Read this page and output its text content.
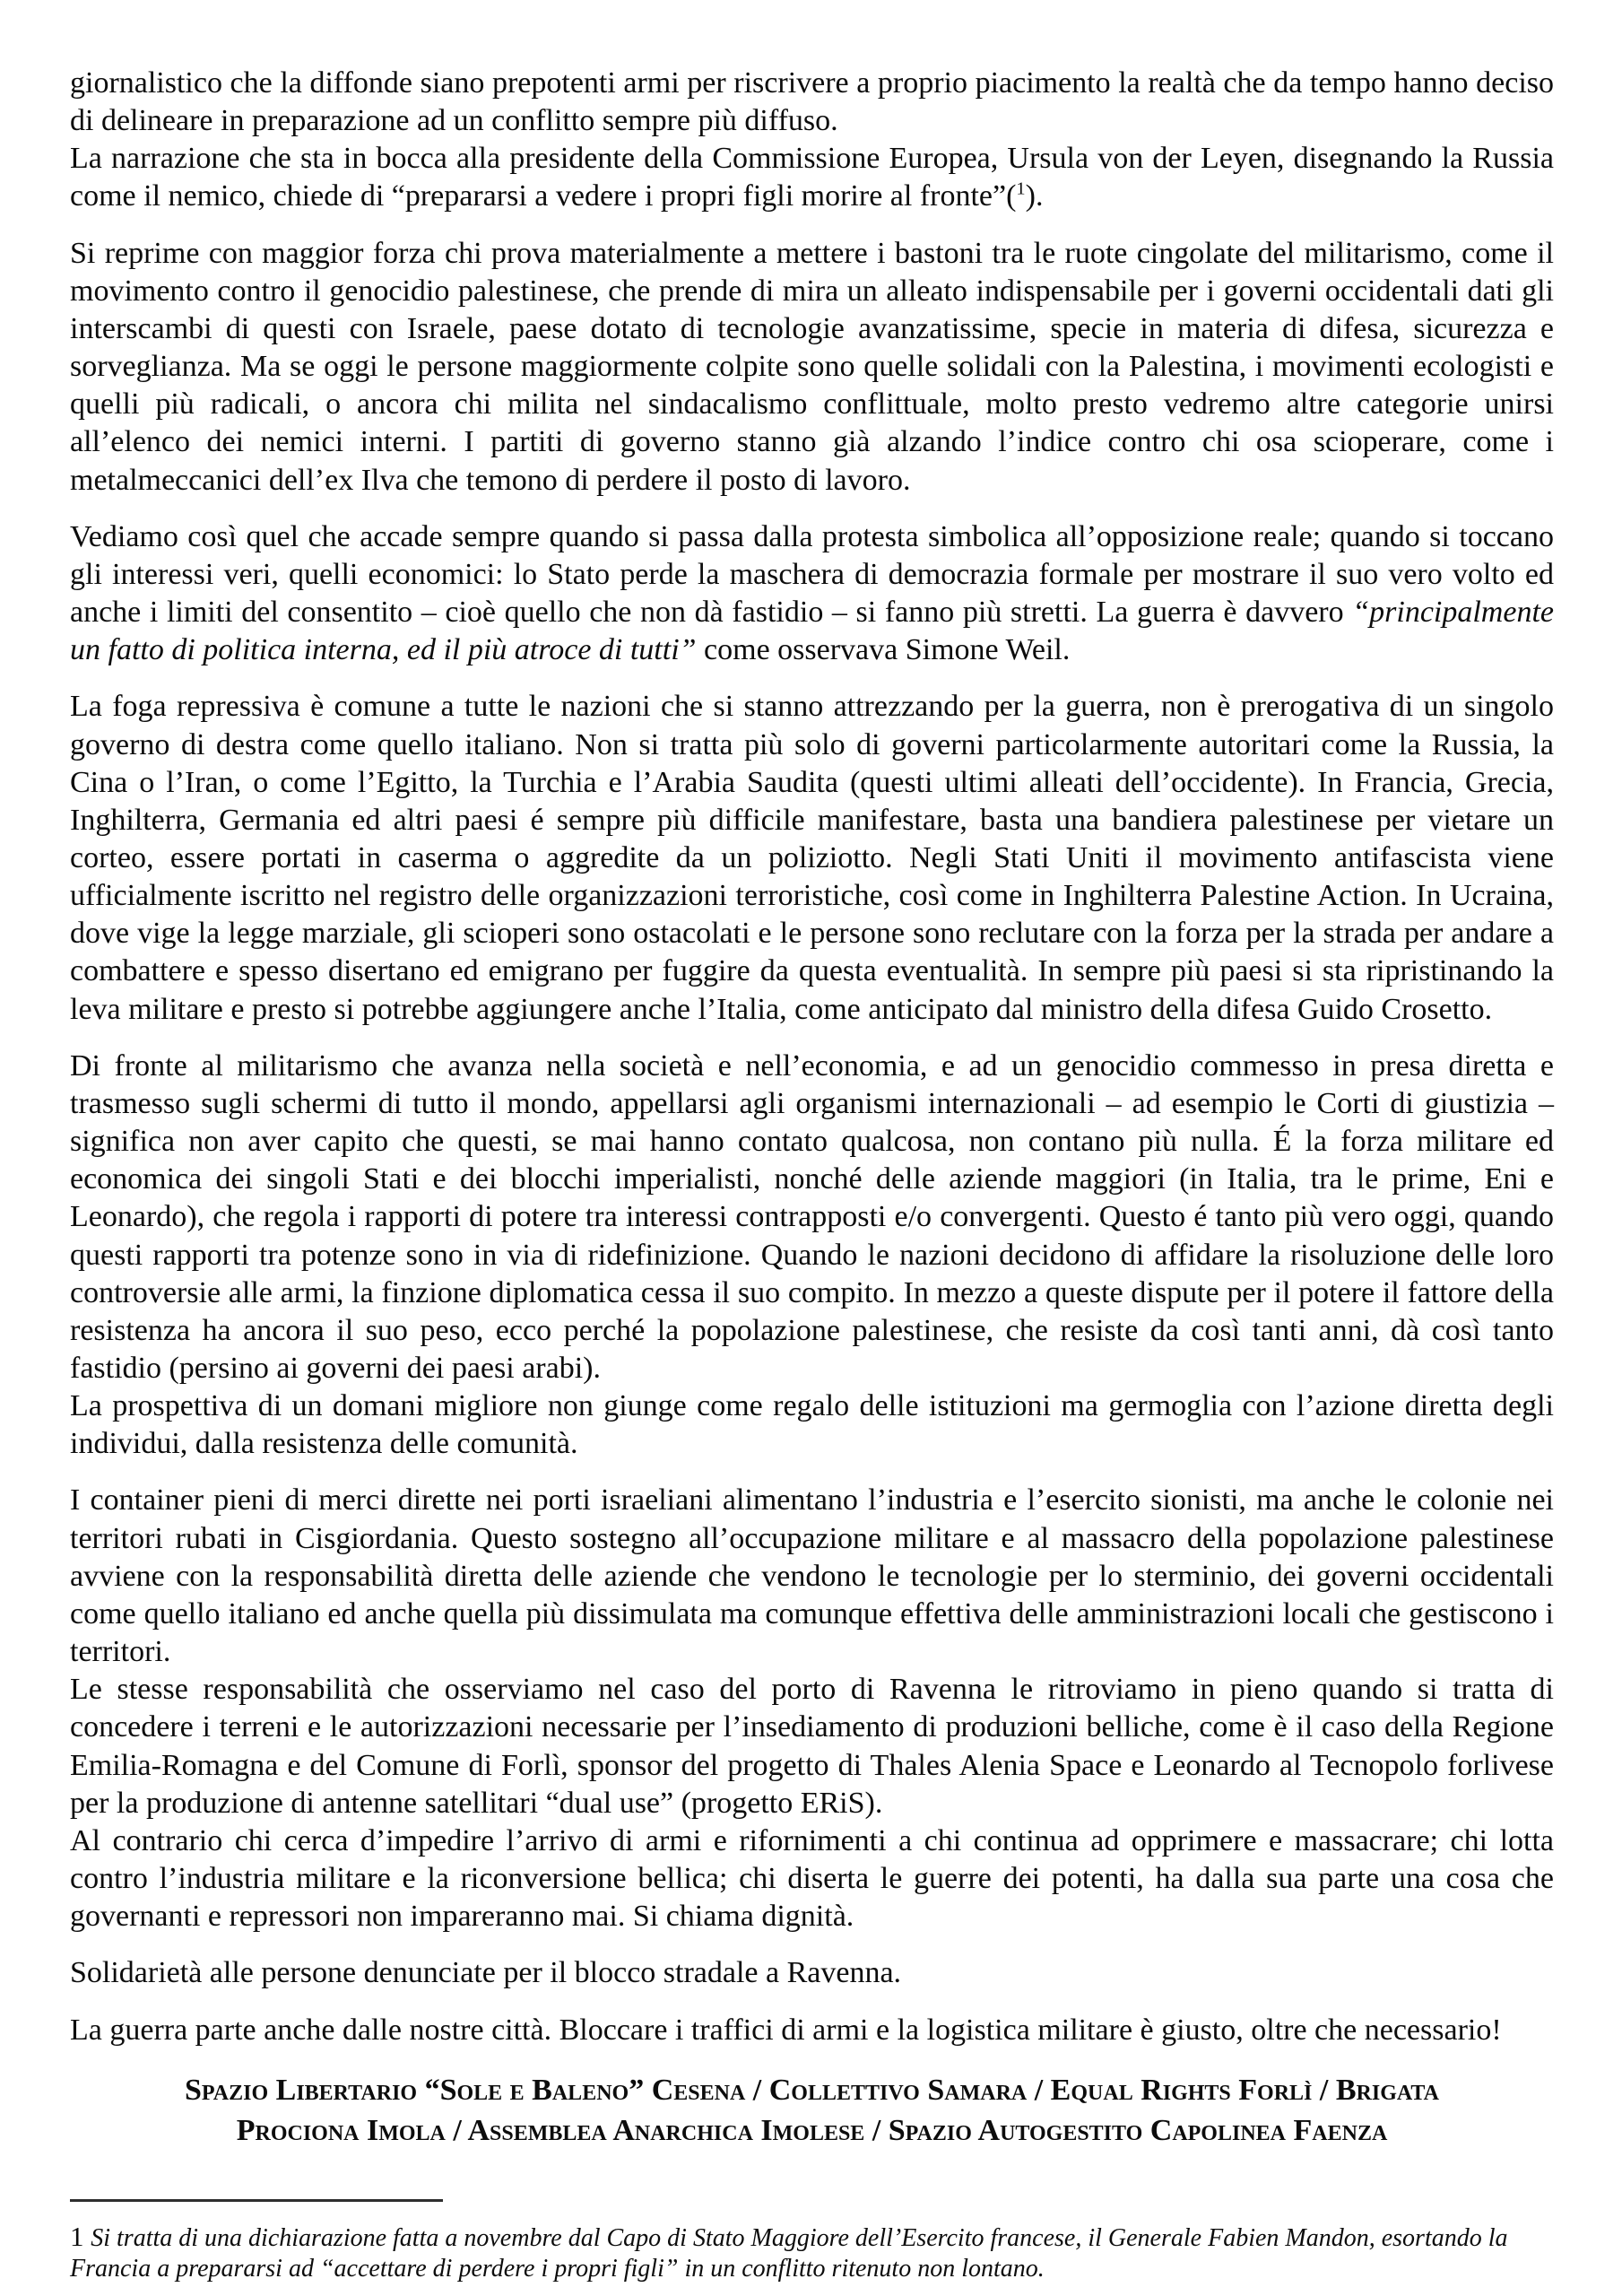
giornalistico che la diffonde siano prepotenti armi per riscrivere a proprio piacimento la realtà che da tempo hanno deciso di delineare in preparazione ad un conflitto sempre più diffuso.
La narrazione che sta in bocca alla presidente della Commissione Europea, Ursula von der Leyen, disegnando la Russia come il nemico, chiede di “prepararsi a vedere i propri figli morire al fronte”($^1$).

Si reprime con maggior forza chi prova materialmente a mettere i bastoni tra le ruote cingolate del militarismo, come il movimento contro il genocidio palestinese, che prende di mira un alleato indispensabile per i governi occidentali dati gli interscambi di questi con Israele, paese dotato di tecnologie avanzatissime, specie in materia di difesa, sicurezza e sorveglianza. Ma se oggi le persone maggiormente colpite sono quelle solidali con la Palestina, i movimenti ecologisti e quelli più radicali, o ancora chi milita nel sindacalismo conflittuale, molto presto vedremo altre categorie unirsi all’elenco dei nemici interni. I partiti di governo stanno già alzando l’indice contro chi osa scioperare, come i metalmeccanici dell’ex Ilva che temono di perdere il posto di lavoro.

Vediamo così quel che accade sempre quando si passa dalla protesta simbolica all’opposizione reale; quando si toccano gli interessi veri, quelli economici: lo Stato perde la maschera di democrazia formale per mostrare il suo vero volto ed anche i limiti del consentito – cioè quello che non dà fastidio – si fanno più stretti. La guerra è davvero “principalmente un fatto di politica interna, ed il più atroce di tutti” come osservava Simone Weil.

La foga repressiva è comune a tutte le nazioni che si stanno attrezzando per la guerra, non è prerogativa di un singolo governo di destra come quello italiano. Non si tratta più solo di governi particolarmente autoritari come la Russia, la Cina o l’Iran, o come l’Egitto, la Turchia e l’Arabia Saudita (questi ultimi alleati dell’occidente). In Francia, Grecia, Inghilterra, Germania ed altri paesi é sempre più difficile manifestare, basta una bandiera palestinese per vietare un corteo, essere portati in caserma o aggredite da un poliziotto. Negli Stati Uniti il movimento antifascista viene ufficialmente iscritto nel registro delle organizzazioni terroristiche, così come in Inghilterra Palestine Action. In Ucraina, dove vige la legge marziale, gli scioperi sono ostacolati e le persone sono reclutare con la forza per la strada per andare a combattere e spesso disertano ed emigrano per fuggire da questa eventualità. In sempre più paesi si sta ripristinando la leva militare e presto si potrebbe aggiungere anche l’Italia, come anticipato dal ministro della difesa Guido Crosetto.

Di fronte al militarismo che avanza nella società e nell’economia, e ad un genocidio commesso in presa diretta e trasmesso sugli schermi di tutto il mondo, appellarsi agli organismi internazionali – ad esempio le Corti di giustizia – significa non aver capito che questi, se mai hanno contato qualcosa, non contano più nulla. É la forza militare ed economica dei singoli Stati e dei blocchi imperialisti, nonché delle aziende maggiori (in Italia, tra le prime, Eni e Leonardo), che regola i rapporti di potere tra interessi contrapposti e/o convergenti. Questo é tanto più vero oggi, quando questi rapporti tra potenze sono in via di ridefinizione. Quando le nazioni decidono di affidare la risoluzione delle loro controversie alle armi, la finzione diplomatica cessa il suo compito. In mezzo a queste dispute per il potere il fattore della resistenza ha ancora il suo peso, ecco perché la popolazione palestinese, che resiste da così tanti anni, dà così tanto fastidio (persino ai governi dei paesi arabi).
La prospettiva di un domani migliore non giunge come regalo delle istituzioni ma germoglia con l’azione diretta degli individui, dalla resistenza delle comunità.

I container pieni di merci dirette nei porti israeliani alimentano l’industria e l’esercito sionisti, ma anche le colonie nei territori rubati in Cisgiordania. Questo sostegno all’occupazione militare e al massacro della popolazione palestinese avviene con la responsabilità diretta delle aziende che vendono le tecnologie per lo sterminio, dei governi occidentali come quello italiano ed anche quella più dissimulata ma comunque effettiva delle amministrazioni locali che gestiscono i territori.
Le stesse responsabilità che osserviamo nel caso del porto di Ravenna le ritroviamo in pieno quando si tratta di concedere i terreni e le autorizzazioni necessarie per l’insediamento di produzioni belliche, come è il caso della Regione Emilia-Romagna e del Comune di Forlì, sponsor del progetto di Thales Alenia Space e Leonardo al Tecnopolo forlivese per la produzione di antenne satellitari “dual use” (progetto ERiS).
Al contrario chi cerca d’impedire l’arrivo di armi e rifornimenti a chi continua ad opprimere e massacrare; chi lotta contro l’industria militare e la riconversione bellica; chi diserta le guerre dei potenti, ha dalla sua parte una cosa che governanti e repressori non impareranno mai. Si chiama dignità.

Solidarietà alle persone denunciate per il blocco stradale a Ravenna.

La guerra parte anche dalle nostre città. Bloccare i traffici di armi e la logistica militare è giusto, oltre che necessario!

Spazio Libertario “Sole e Baleno” Cesena / Collettivo Samara / Equal Rights Forlì / Brigata Prociona Imola / Assemblea Anarchica Imolese / Spazio Autogestito Capolinea Faenza

1 Si tratta di una dichiarazione fatta a novembre dal Capo di Stato Maggiore dell’Esercito francese, il Generale Fabien Mandon, esortando la Francia a prepararsi ad “accettare di perdere i propri figli” in un conflitto ritenuto non lontano.
